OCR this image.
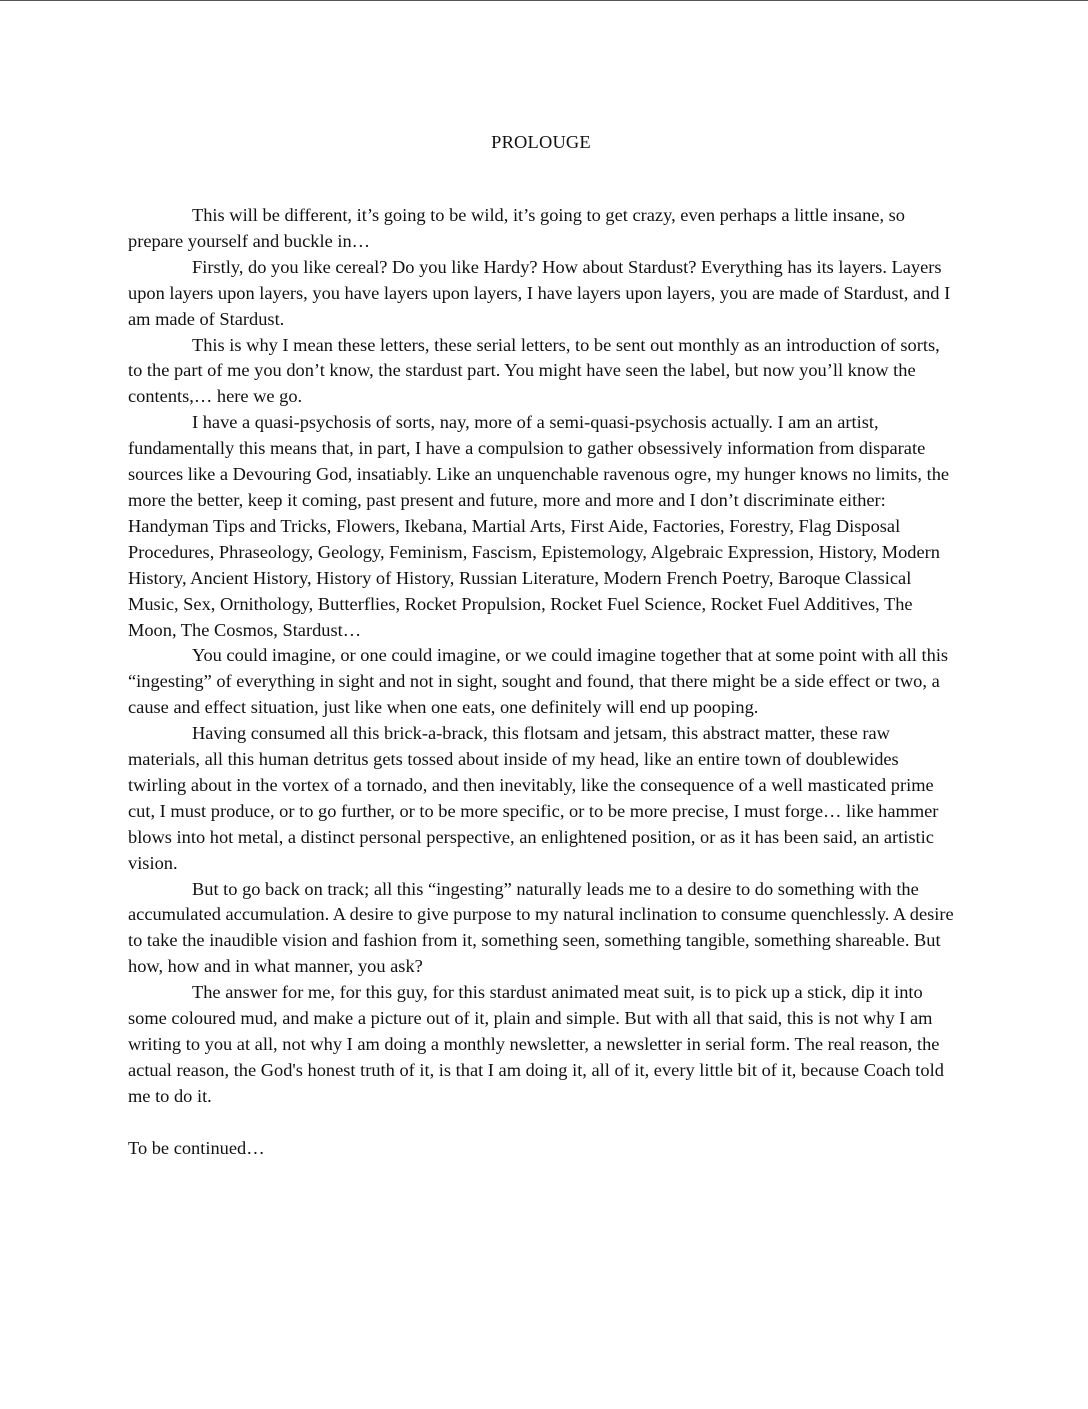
PROLOUGE

This will be different, it’s going to be wild, it’s going to get crazy, even perhaps a little insane, so prepare yourself and buckle in…

Firstly, do you like cereal? Do you like Hardy? How about Stardust? Everything has its layers. Layers upon layers upon layers, you have layers upon layers, I have layers upon layers, you are made of Stardust, and I am made of Stardust.

This is why I mean these letters, these serial letters, to be sent out monthly as an introduction of sorts, to the part of me you don’t know, the stardust part. You might have seen the label, but now you’ll know the contents,… here we go.

I have a quasi-psychosis of sorts, nay, more of a semi-quasi-psychosis actually. I am an artist, fundamentally this means that, in part, I have a compulsion to gather obsessively information from disparate sources like a Devouring God, insatiably. Like an unquenchable ravenous ogre, my hunger knows no limits, the more the better, keep it coming, past present and future, more and more and I don’t discriminate either: Handyman Tips and Tricks, Flowers, Ikebana, Martial Arts, First Aide, Factories, Forestry, Flag Disposal Procedures, Phraseology, Geology, Feminism, Fascism, Epistemology, Algebraic Expression, History, Modern History, Ancient History, History of History, Russian Literature, Modern French Poetry, Baroque Classical Music, Sex, Ornithology, Butterflies, Rocket Propulsion, Rocket Fuel Science, Rocket Fuel Additives, The Moon, The Cosmos, Stardust…

You could imagine, or one could imagine, or we could imagine together that at some point with all this “ingesting” of everything in sight and not in sight, sought and found, that there might be a side effect or two, a cause and effect situation, just like when one eats, one definitely will end up pooping.

Having consumed all this brick-a-brack, this flotsam and jetsam, this abstract matter, these raw materials, all this human detritus gets tossed about inside of my head, like an entire town of doublewides twirling about in the vortex of a tornado, and then inevitably, like the consequence of a well masticated prime cut, I must produce, or to go further, or to be more specific, or to be more precise, I must forge… like hammer blows into hot metal, a distinct personal perspective, an enlightened position, or as it has been said, an artistic vision.

But to go back on track; all this “ingesting” naturally leads me to a desire to do something with the accumulated accumulation. A desire to give purpose to my natural inclination to consume quenchlessly. A desire to take the inaudible vision and fashion from it, something seen, something tangible, something shareable. But how, how and in what manner, you ask?

The answer for me, for this guy, for this stardust animated meat suit, is to pick up a stick, dip it into some coloured mud, and make a picture out of it, plain and simple. But with all that said, this is not why I am writing to you at all, not why I am doing a monthly newsletter, a newsletter in serial form. The real reason, the actual reason, the God's honest truth of it, is that I am doing it, all of it, every little bit of it, because Coach told me to do it.

To be continued…
